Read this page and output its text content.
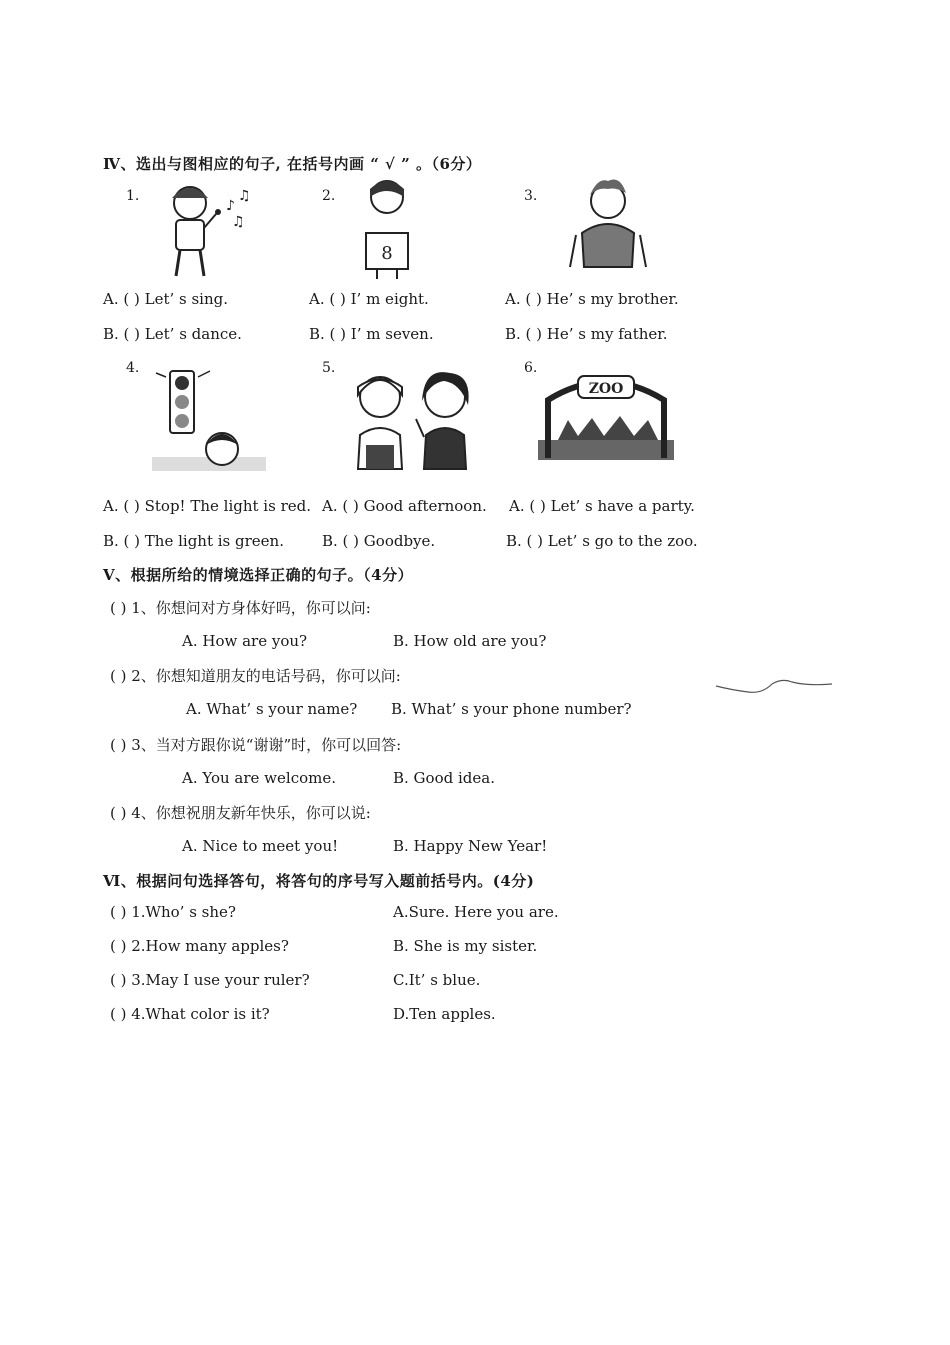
Ⅳ、选出与图相应的句子, 在括号内画 “ √ ” 。（6分）
1.	2.	3.
♪
♫
♫
8
A. ( ) Let’ s sing.
B. ( ) Let’ s dance.
A. ( ) I’ m eight.
B. ( ) I’ m seven.
A. ( ) He’ s my brother.
B. ( ) He’ s my father.
4.	5.	6.
ZOO
A. ( ) Stop! The light is red.
B. ( ) The light is green.
A. ( ) Good afternoon.
B. ( ) Goodbye.
A. ( ) Let’ s have a party.
B. ( ) Let’ s go to the zoo.
Ⅴ、根据所给的情境选择正确的句子。（4分）
( ) 1、你想问对方身体好吗，你可以问:
A. How are you?	B. How old are you?
( ) 2、你想知道朋友的电话号码，你可以问:
A. What’ s your name? B. What’ s your phone number?
( ) 3、当对方跟你说“谢谢”时，你可以回答:
A. You are welcome.	B. Good idea.
( ) 4、你想祝朋友新年快乐，你可以说:
A. Nice to meet you!	B. Happy New Year!
Ⅵ、根据问句选择答句，将答句的序号写入题前括号内。(4分)
( ) 1.Who’ s she?	A.Sure. Here you are.
( ) 2.How many apples?	B. She is my sister.
( ) 3.May I use your ruler?	C.It’ s blue.
( ) 4.What color is it?	D.Ten apples.
